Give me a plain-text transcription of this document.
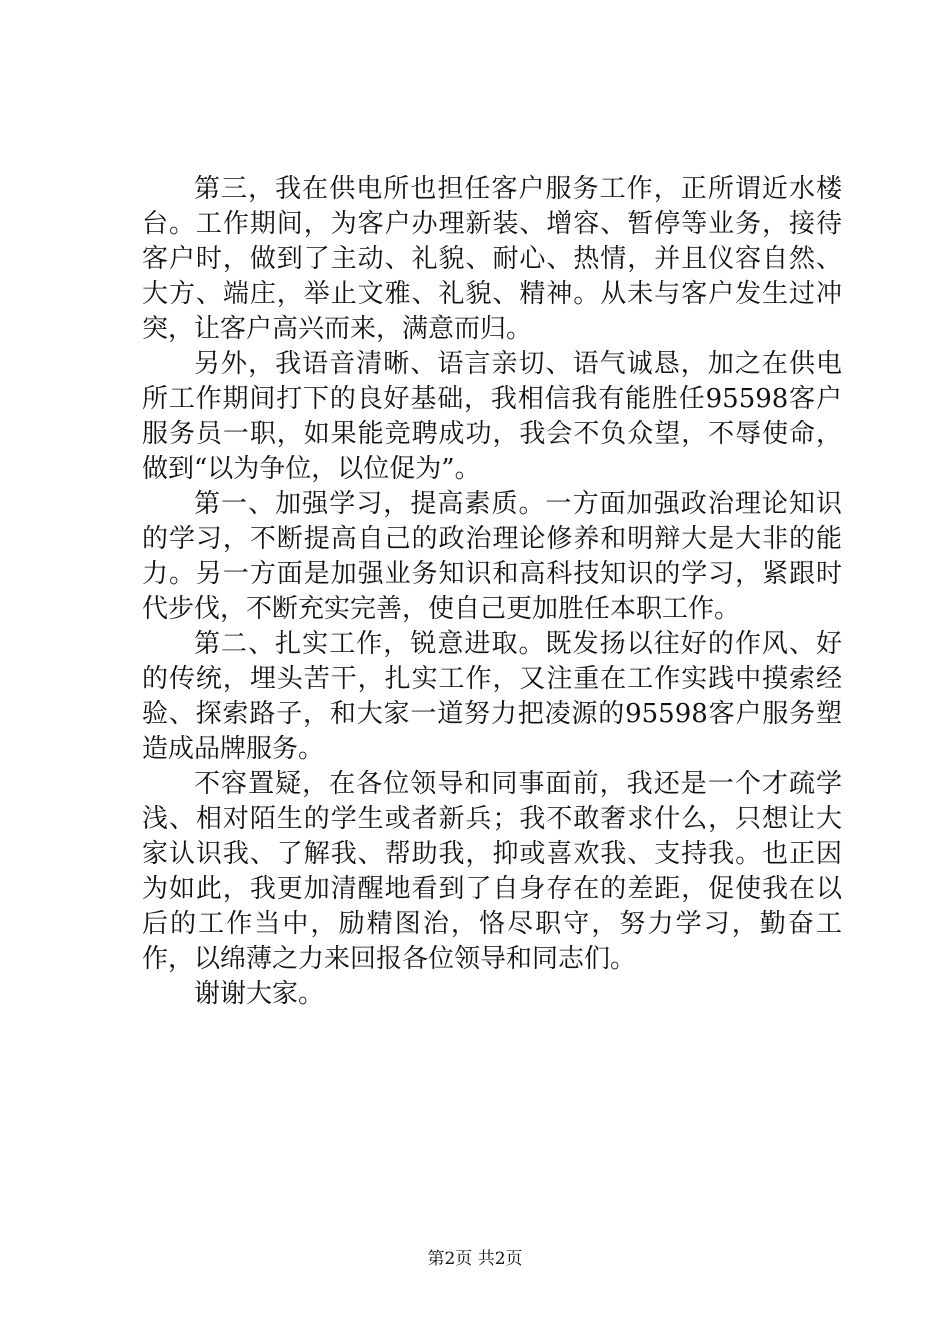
第三，我在供电所也担任客户服务工作，正所谓近水楼台。工作期间，为客户办理新装、增容、暂停等业务，接待客户时，做到了主动、礼貌、耐心、热情，并且仪容自然、大方、端庄，举止文雅、礼貌、精神。从未与客户发生过冲突，让客户高兴而来，满意而归。

另外，我语音清晰、语言亲切、语气诚恳，加之在供电所工作期间打下的良好基础，我相信我有能胜任95598客户服务员一职，如果能竞聘成功，我会不负众望，不辱使命，做到“以为争位，以位促为”。

第一、加强学习，提高素质。一方面加强政治理论知识的学习，不断提高自己的政治理论修养和明辩大是大非的能力。另一方面是加强业务知识和高科技知识的学习，紧跟时代步伐，不断充实完善，使自己更加胜任本职工作。

第二、扎实工作，锐意进取。既发扬以往好的作风、好的传统，埋头苦干，扎实工作，又注重在工作实践中摸索经验、探索路子，和大家一道努力把凌源的95598客户服务塑造成品牌服务。

不容置疑，在各位领导和同事面前，我还是一个才疏学浅、相对陌生的学生或者新兵；我不敢奢求什么，只想让大家认识我、了解我、帮助我，抑或喜欢我、支持我。也正因为如此，我更加清醒地看到了自身存在的差距，促使我在以后的工作当中，励精图治，恪尽职守，努力学习，勤奋工作，以绵薄之力来回报各位领导和同志们。

谢谢大家。

第2页 共2页
